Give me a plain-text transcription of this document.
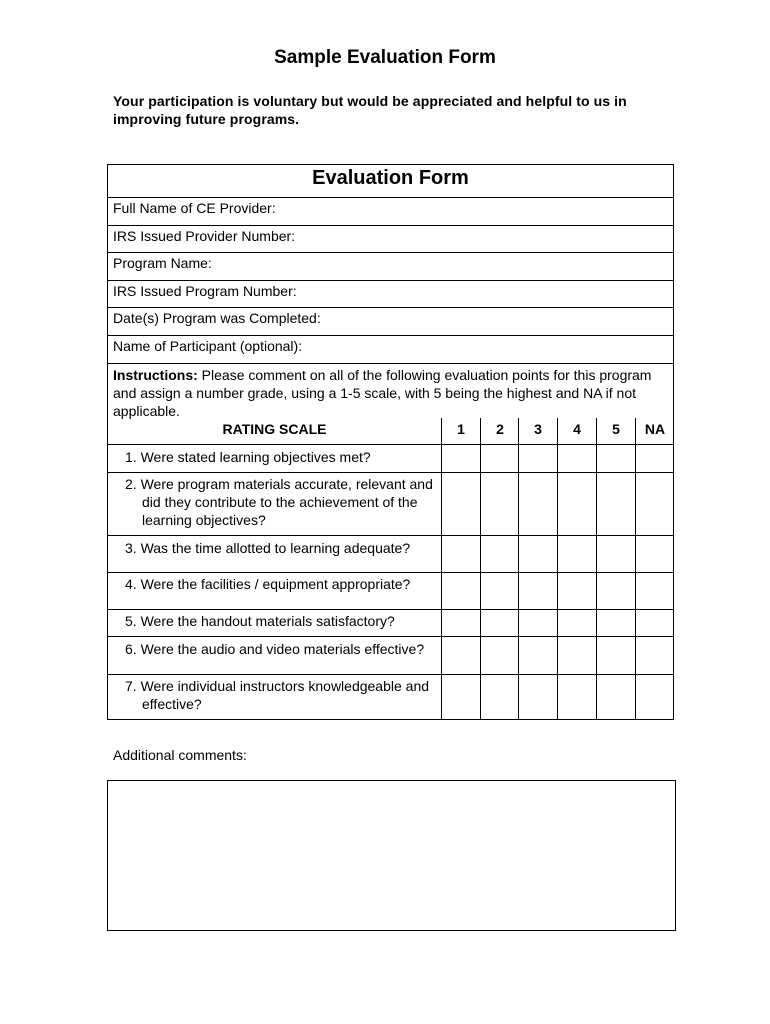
Sample Evaluation Form
Your participation is voluntary but would be appreciated and helpful to us in improving future programs.
Evaluation Form
Full Name of CE Provider:
IRS Issued Provider Number:
Program Name:
IRS Issued Program Number:
Date(s) Program was Completed:
Name of Participant (optional):
Instructions: Please comment on all of the following evaluation points for this program and assign a number grade, using a 1-5 scale, with 5 being the highest and NA if not applicable.
RATING SCALE	1	2	3	4	5	NA
1. Were stated learning objectives met?
2. Were program materials accurate, relevant and did they contribute to the achievement of the learning objectives?
3. Was the time allotted to learning adequate?
4. Were the facilities / equipment appropriate?
5. Were the handout materials satisfactory?
6. Were the audio and video materials effective?
7. Were individual instructors knowledgeable and effective?
Additional comments:
